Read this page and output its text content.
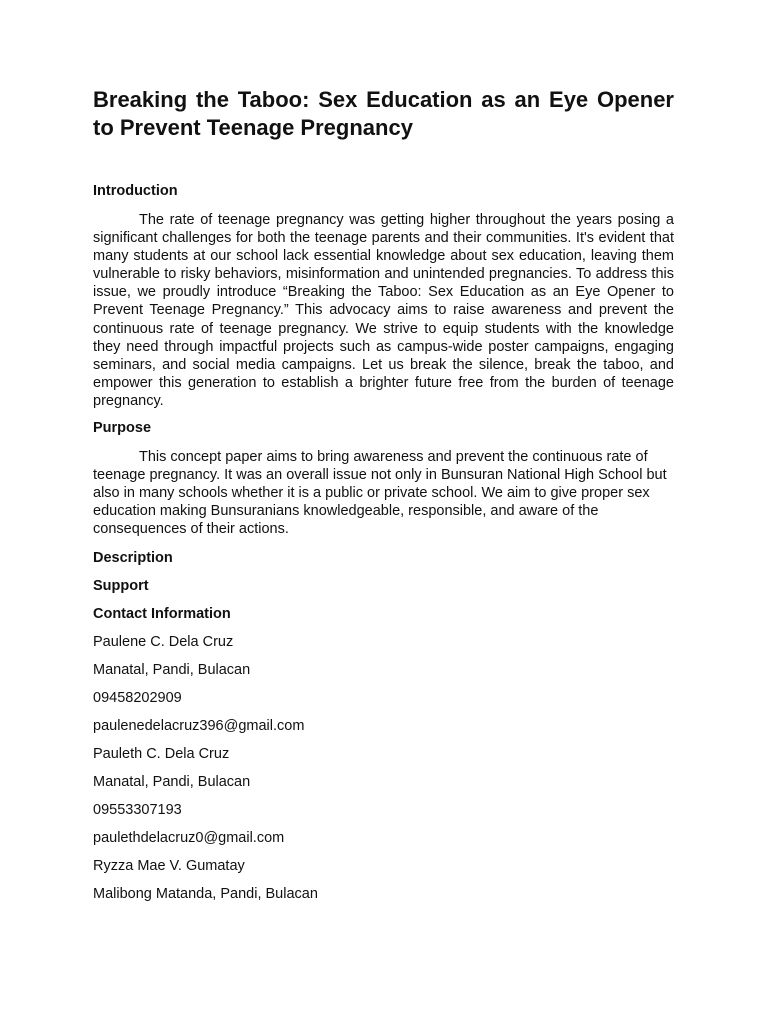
Breaking the Taboo: Sex Education as an Eye Opener to Prevent Teenage Pregnancy
Introduction

The rate of teenage pregnancy was getting higher throughout the years posing a significant challenges for both the teenage parents and their communities. It's evident that many students at our school lack essential knowledge about sex education, leaving them vulnerable to risky behaviors, misinformation and unintended pregnancies. To address this issue, we proudly introduce “Breaking the Taboo: Sex Education as an Eye Opener to Prevent Teenage Pregnancy.” This advocacy aims to raise awareness and prevent the continuous rate of teenage pregnancy. We strive to equip students with the knowledge they need through impactful projects such as campus-wide poster campaigns, engaging seminars, and social media campaigns. Let us break the silence, break the taboo, and empower this generation to establish a brighter future free from the burden of teenage pregnancy.

Purpose

This concept paper aims to bring awareness and prevent the continuous rate of teenage pregnancy. It was an overall issue not only in Bunsuran National High School but also in many schools whether it is a public or private school. We aim to give proper sex education making Bunsuranians knowledgeable, responsible, and aware of the consequences of their actions.

Description
Support
Contact Information

Paulene C. Dela Cruz

Manatal, Pandi, Bulacan

09458202909

paulenedelacruz396@gmail.com

Pauleth C. Dela Cruz

Manatal, Pandi, Bulacan

09553307193

paulethdelacruz0@gmail.com

Ryzza Mae V. Gumatay

Malibong Matanda, Pandi, Bulacan
